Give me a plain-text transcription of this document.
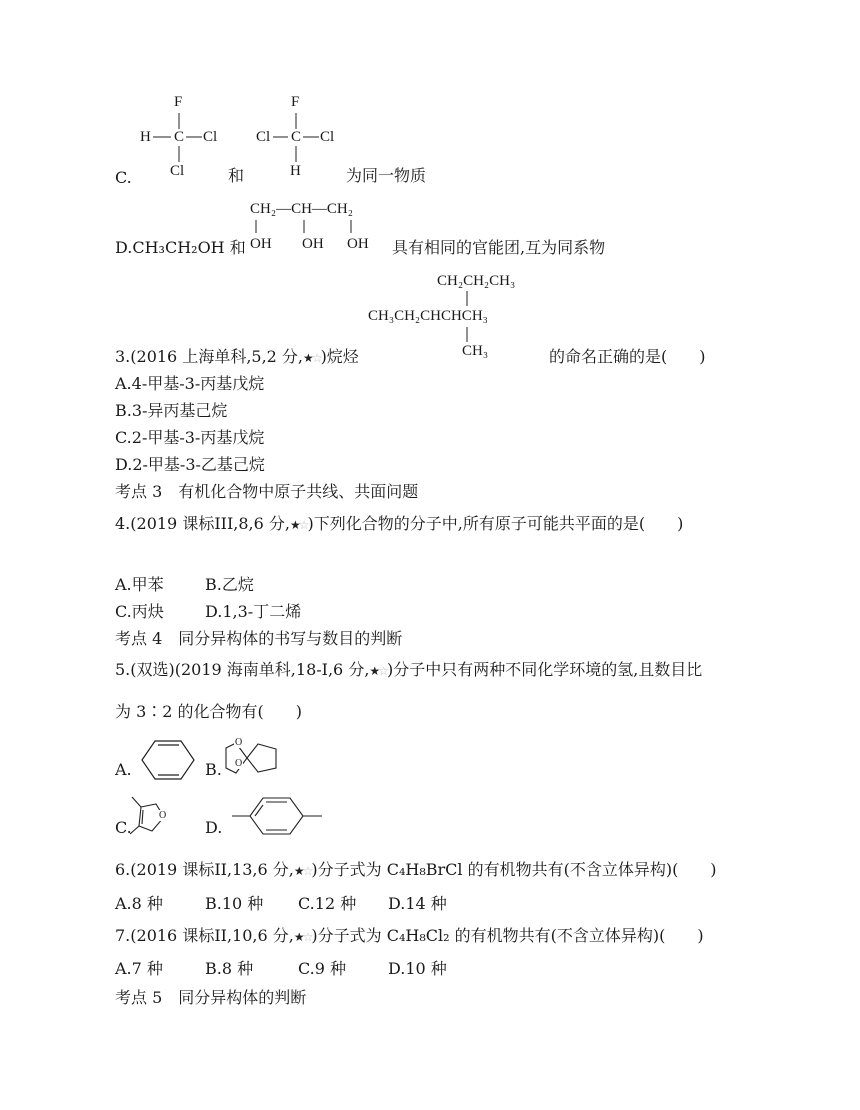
F
H C Cl
Cl
C.	和
F
Cl C Cl
H	为同一物质
CH₂—CH—CH₂
OH OH OH
D.CH₃CH₂OH 和	具有相同的官能团,互为同系物
CH₂CH₂CH₃
CH₃CH₂CHCHCH₃
CH₃
3.(2016 上海单科,5,2 分,★☆)烷烃	的命名正确的是(　　)
A.4-甲基-3-丙基戊烷
B.3-异丙基己烷
C.2-甲基-3-丙基戊烷
D.2-甲基-3-乙基己烷
考点 3　有机化合物中原子共线、共面问题
4.(2019 课标III,8,6 分,★☆)下列化合物的分子中,所有原子可能共平面的是(　　)
A.甲苯	B.乙烷
C.丙炔	D.1,3-丁二烯
考点 4　同分异构体的书写与数目的判断
5.(双选)(2019 海南单科,18-I,6 分,★☆)分子中只有两种不同化学环境的氢,且数目比
为 3∶2 的化合物有(　　)
A.	B.
O
O
C.
O
D.
6.(2019 课标II,13,6 分,★☆)分子式为 C₄H₈BrCl 的有机物共有(不含立体异构)(　　)
A.8 种	B.10 种 C.12 种 D.14 种
7.(2016 课标II,10,6 分,★☆)分子式为 C₄H₈Cl₂ 的有机物共有(不含立体异构)(　　)
A.7 种	B.8 种	C.9 种	D.10 种
考点 5　同分异构体的判断
